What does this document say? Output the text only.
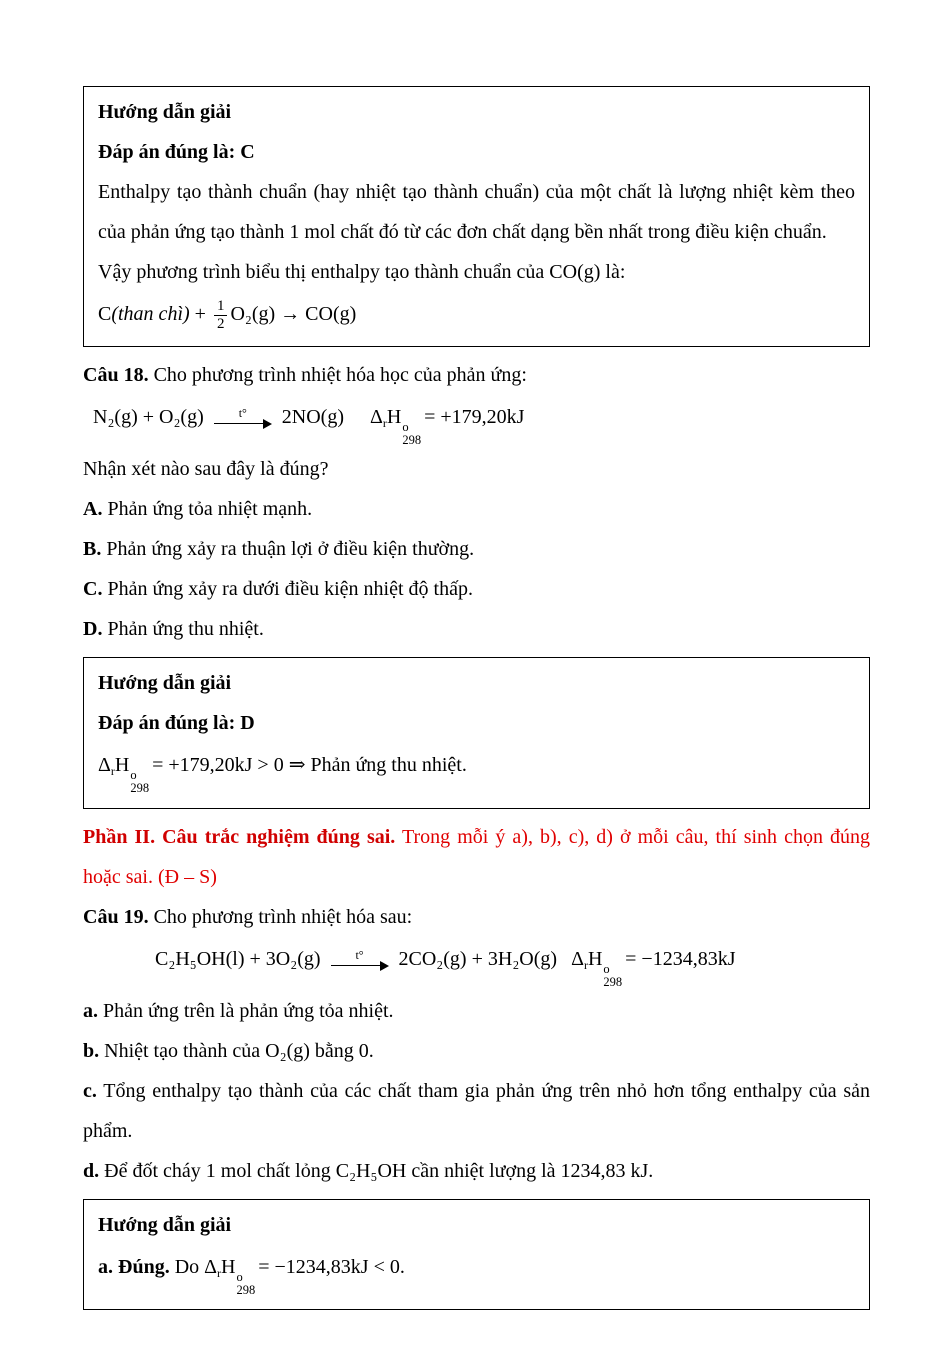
Hướng dẫn giải

Đáp án đúng là: C

Enthalpy tạo thành chuẩn (hay nhiệt tạo thành chuẩn) của một chất là lượng nhiệt kèm theo của phản ứng tạo thành 1 mol chất đó từ các đơn chất dạng bền nhất trong điều kiện chuẩn.

Vậy phương trình biểu thị enthalpy tạo thành chuẩn của CO(g) là:

C(than chì) + $\frac{1}{2} O_2(g) \to CO(g)$

Câu 18. Cho phương trình nhiệt hóa học của phản ứng:

N₂(g) + O₂(g)	t° 2NO(g) $\Delta_rH$ o
298
= +179,20kJ

Nhận xét nào sau đây là đúng?

A. Phản ứng tỏa nhiệt mạnh.

B. Phản ứng xảy ra thuận lợi ở điều kiện thường.

C. Phản ứng xảy ra dưới điều kiện nhiệt độ thấp.

D. Phản ứng thu nhiệt.

Hướng dẫn giải

Đáp án đúng là: D

$\Delta_rH$ o
298
= +179,20kJ > 0 ⇒ Phản ứng thu nhiệt.

Phần II. Câu trắc nghiệm đúng sai. Trong mỗi ý a), b), c), d) ở mỗi câu, thí sinh chọn đúng hoặc sai. (Đ – S)

Câu 19. Cho phương trình nhiệt hóa sau:

C₂H₅OH(l) + 3O₂(g)	t° 2CO₂(g) + 3H₂O(g) $\Delta_rH$ o
298
= −1234,83kJ

a. Phản ứng trên là phản ứng tỏa nhiệt.

b. Nhiệt tạo thành của O₂(g) bằng 0.

c. Tổng enthalpy tạo thành của các chất tham gia phản ứng trên nhỏ hơn tổng enthalpy của sản phẩm.

d. Để đốt cháy 1 mol chất lỏng C₂H₅OH cần nhiệt lượng là 1234,83 kJ.

Hướng dẫn giải

a. Đúng. Do $\Delta_rH$ o
298
= −1234,83kJ < 0.
